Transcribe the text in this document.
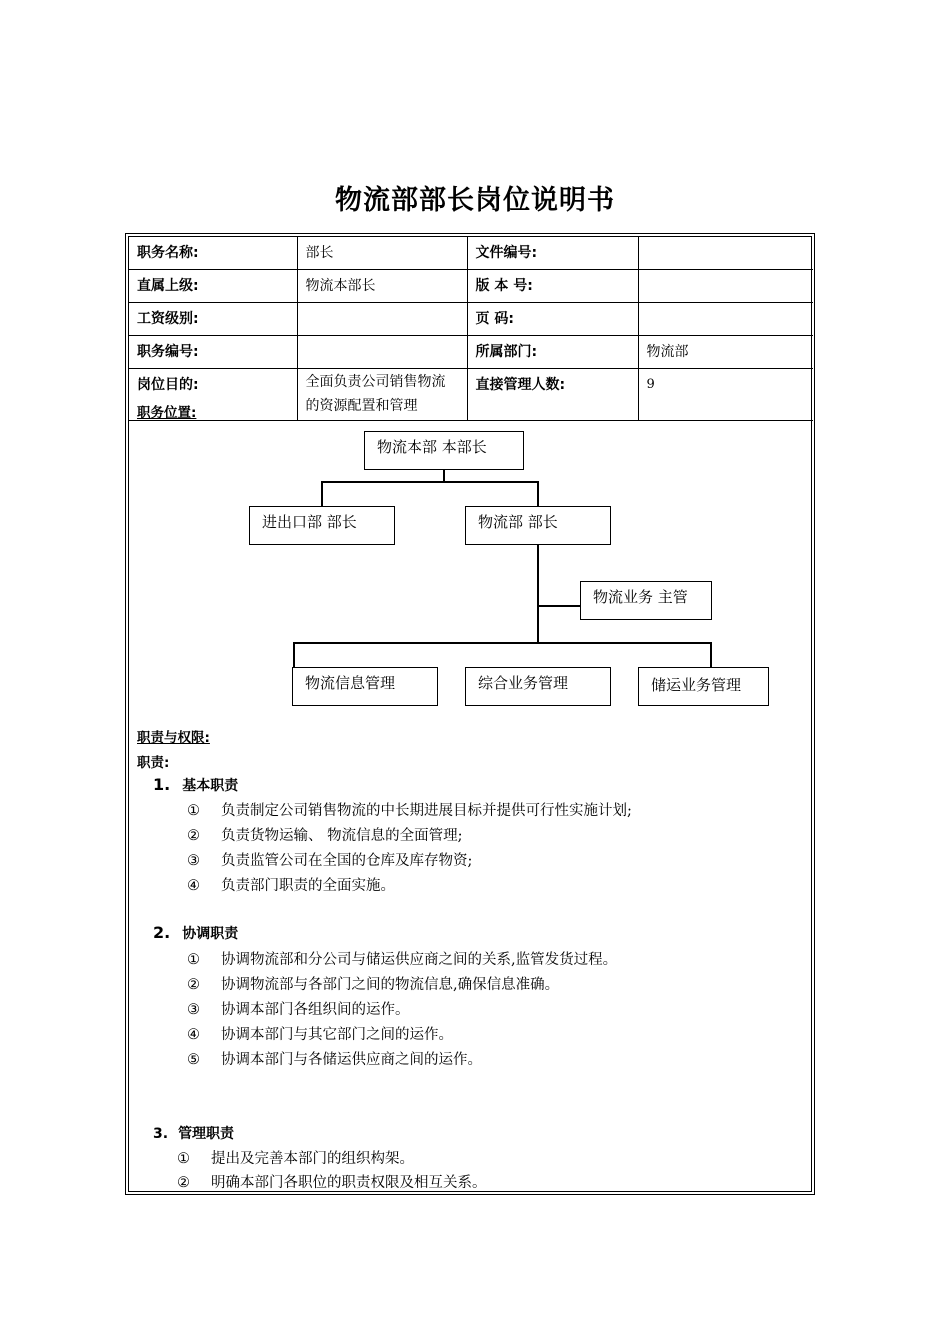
物流部部长岗位说明书
职务名称:	部长	文件编号:	
直属上级:	物流本部长	版 本 号:	
工资级别:		页 码:	
职务编号:		所属部门:	物流部
岗位目的:	全面负责公司销售物流的资源配置和管理	直接管理人数:	9
职务位置:
物流本部 本部长
进出口部 部长	物流部 部长
物流业务 主管
物流信息管理	综合业务管理	储运业务管理
职责与权限:
职责:
1. 基本职责
① 负责制定公司销售物流的中长期进展目标并提供可行性实施计划;
② 负责货物运输、 物流信息的全面管理;
③ 负责监管公司在全国的仓库及库存物资;
④ 负责部门职责的全面实施。
2. 协调职责
① 协调物流部和分公司与储运供应商之间的关系,监管发货过程。
② 协调物流部与各部门之间的物流信息,确保信息准确。
③ 协调本部门各组织间的运作。
④ 协调本部门与其它部门之间的运作。
⑤ 协调本部门与各储运供应商之间的运作。
3. 管理职责
① 提出及完善本部门的组织构架。
② 明确本部门各职位的职责权限及相互关系。
